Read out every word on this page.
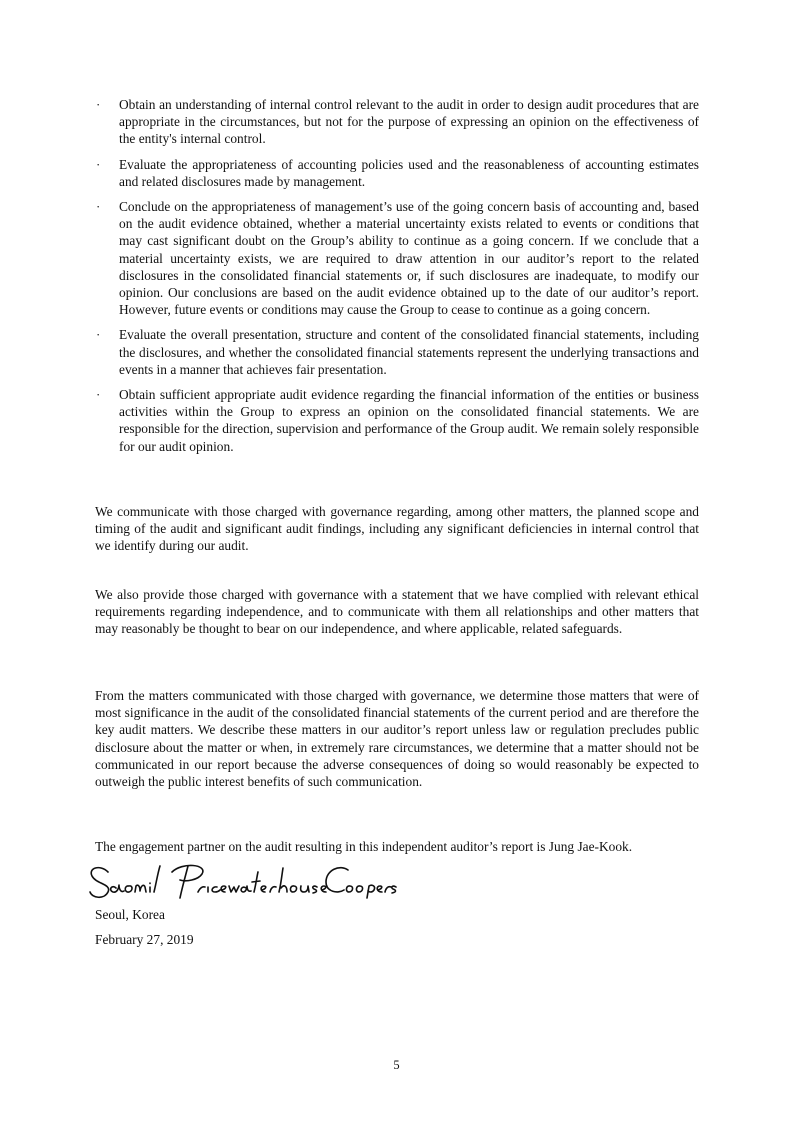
· Obtain an understanding of internal control relevant to the audit in order to design audit procedures that are appropriate in the circumstances, but not for the purpose of expressing an opinion on the effectiveness of the entity's internal control.

· Evaluate the appropriateness of accounting policies used and the reasonableness of accounting estimates and related disclosures made by management.

· Conclude on the appropriateness of management’s use of the going concern basis of accounting and, based on the audit evidence obtained, whether a material uncertainty exists related to events or conditions that may cast significant doubt on the Group’s ability to continue as a going concern. If we conclude that a material uncertainty exists, we are required to draw attention in our auditor’s report to the related disclosures in the consolidated financial statements or, if such disclosures are inadequate, to modify our opinion. Our conclusions are based on the audit evidence obtained up to the date of our auditor’s report. However, future events or conditions may cause the Group to cease to continue as a going concern.

· Evaluate the overall presentation, structure and content of the consolidated financial statements, including the disclosures, and whether the consolidated financial statements represent the underlying transactions and events in a manner that achieves fair presentation.

· Obtain sufficient appropriate audit evidence regarding the financial information of the entities or business activities within the Group to express an opinion on the consolidated financial statements. We are responsible for the direction, supervision and performance of the Group audit. We remain solely responsible for our audit opinion.

We communicate with those charged with governance regarding, among other matters, the planned scope and timing of the audit and significant audit findings, including any significant deficiencies in internal control that we identify during our audit.

We also provide those charged with governance with a statement that we have complied with relevant ethical requirements regarding independence, and to communicate with them all relationships and other matters that may reasonably be thought to bear on our independence, and where applicable, related safeguards.

From the matters communicated with those charged with governance, we determine those matters that were of most significance in the audit of the consolidated financial statements of the current period and are therefore the key audit matters. We describe these matters in our auditor’s report unless law or regulation precludes public disclosure about the matter or when, in extremely rare circumstances, we determine that a matter should not be communicated in our report because the adverse consequences of doing so would reasonably be expected to outweigh the public interest benefits of such communication.

The engagement partner on the audit resulting in this independent auditor’s report is Jung Jae-Kook.

Seoul, Korea
February 27, 2019
5
